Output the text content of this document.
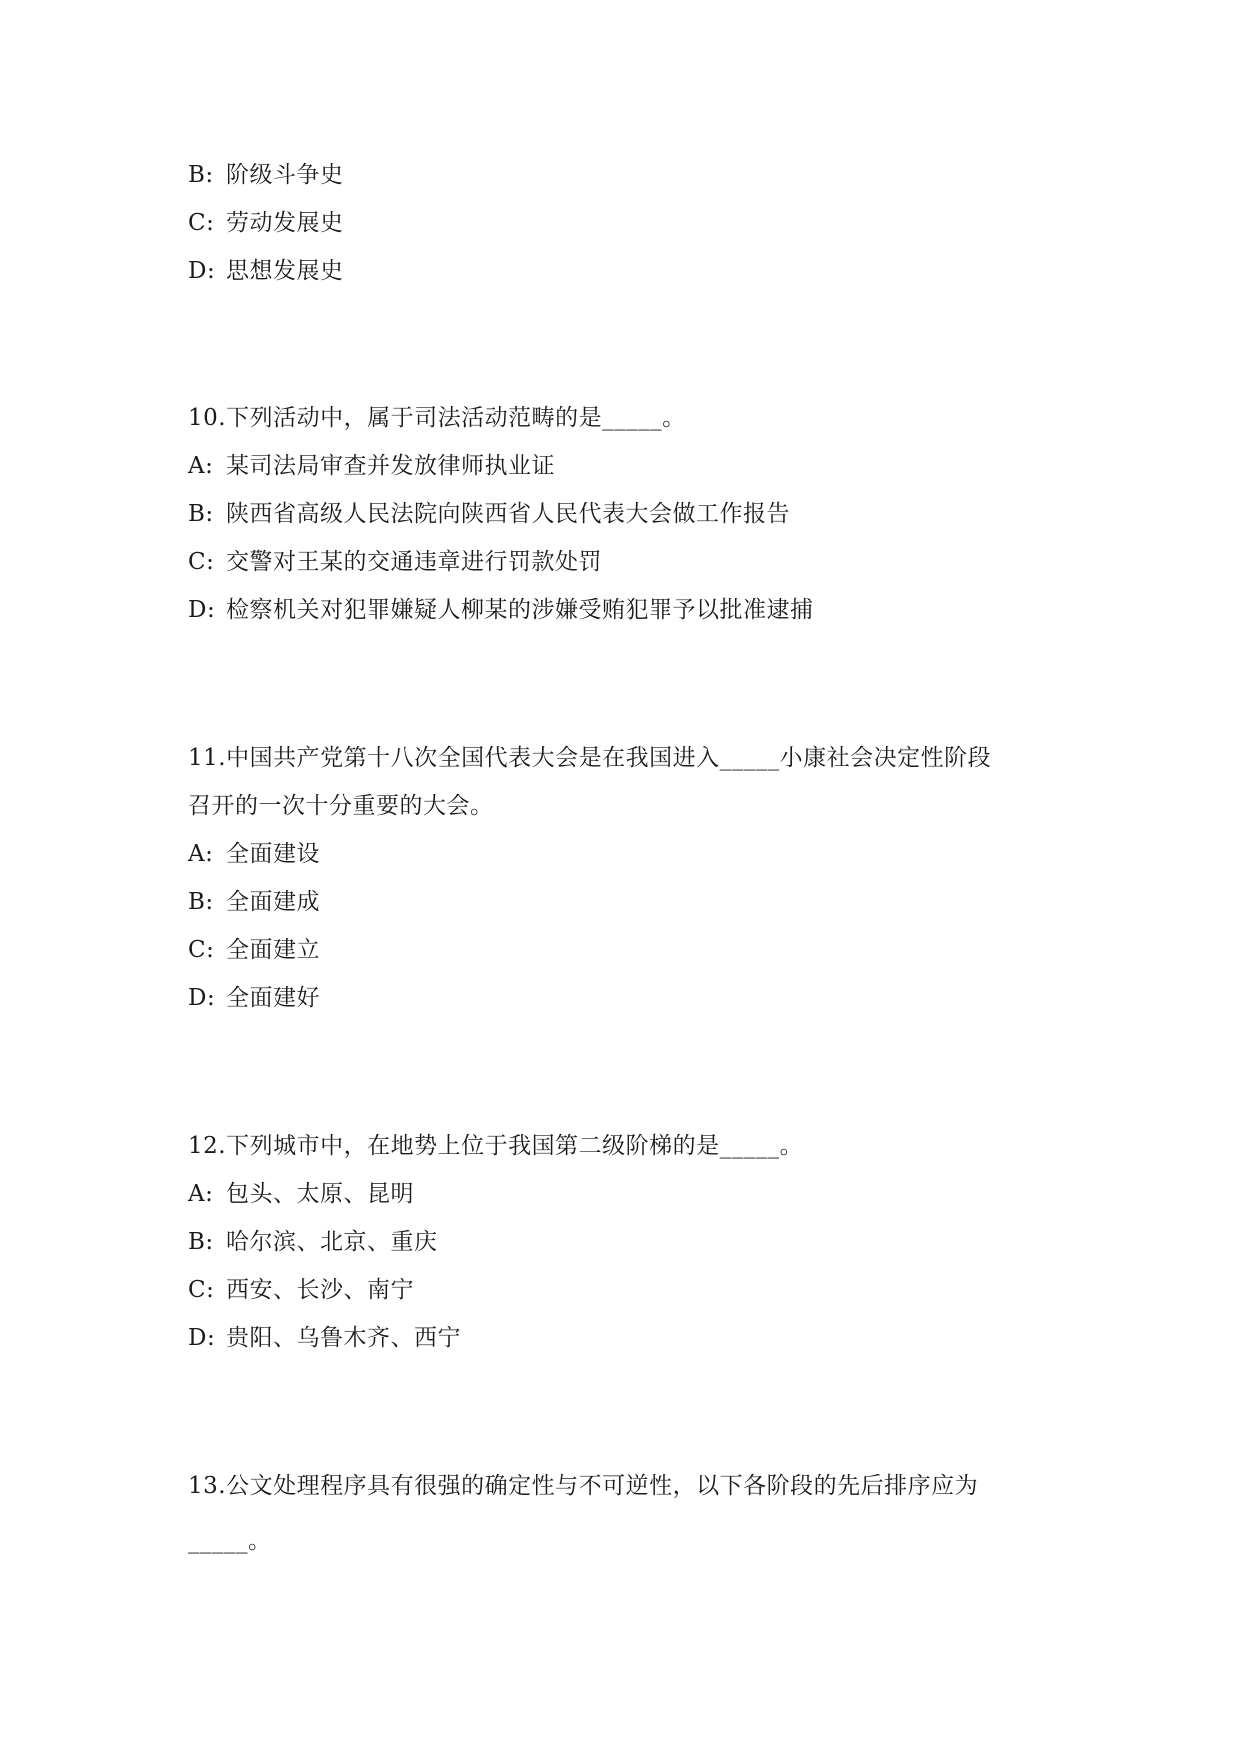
B: 阶级斗争史
C: 劳动发展史
D: 思想发展史
10.下列活动中，属于司法活动范畴的是_____。
A: 某司法局审查并发放律师执业证
B: 陕西省高级人民法院向陕西省人民代表大会做工作报告
C: 交警对王某的交通违章进行罚款处罚
D: 检察机关对犯罪嫌疑人柳某的涉嫌受贿犯罪予以批准逮捕
11.中国共产党第十八次全国代表大会是在我国进入_____小康社会决定性阶段
召开的一次十分重要的大会。
A: 全面建设
B: 全面建成
C: 全面建立
D: 全面建好
12.下列城市中，在地势上位于我国第二级阶梯的是_____。
A: 包头、太原、昆明
B: 哈尔滨、北京、重庆
C: 西安、长沙、南宁
D: 贵阳、乌鲁木齐、西宁
13.公文处理程序具有很强的确定性与不可逆性，以下各阶段的先后排序应为
_____。
